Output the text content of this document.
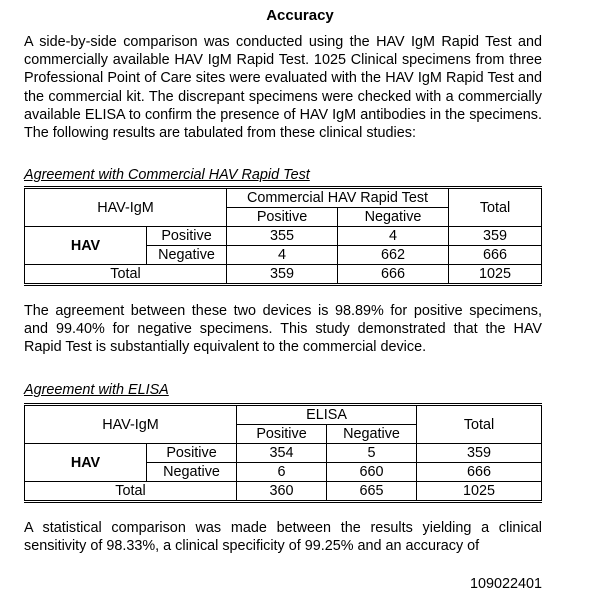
Accuracy

A side-by-side comparison was conducted using the HAV IgM Rapid Test and commercially available HAV IgM Rapid Test. 1025 Clinical specimens from three Professional Point of Care sites were evaluated with the HAV IgM Rapid Test and the commercial kit. The discrepant specimens were checked with a commercially available ELISA to confirm the presence of HAV IgM antibodies in the specimens. The following results are tabulated from these clinical studies:

Agreement with Commercial HAV Rapid Test
HAV-IgM		Commercial HAV Rapid Test		Total
		Positive	Negative	
HAV	Positive	355	4	359
	Negative	4	662	666
Total		359	666	1025

The agreement between these two devices is 98.89% for positive specimens, and 99.40% for negative specimens. This study demonstrated that the HAV Rapid Test is substantially equivalent to the commercial device.

Agreement with ELISA
HAV-IgM		ELISA		Total
		Positive	Negative	
HAV	Positive	354	5	359
	Negative	6	660	666
Total		360	665	1025

A statistical comparison was made between the results yielding a clinical sensitivity of 98.33%, a clinical specificity of 99.25% and an accuracy of

109022401
